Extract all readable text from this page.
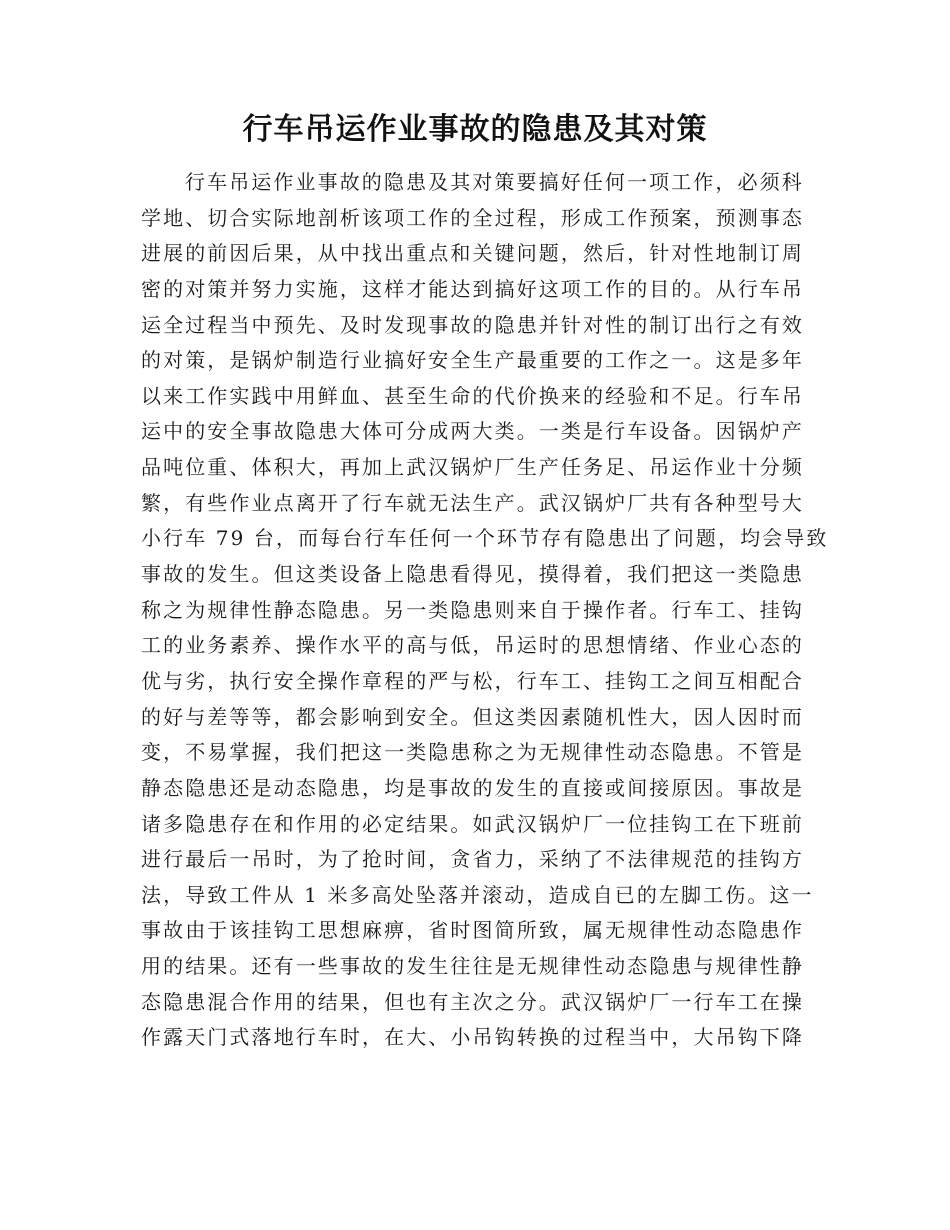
行车吊运作业事故的隐患及其对策
行车吊运作业事故的隐患及其对策要搞好任何一项工作，必须科
学地、切合实际地剖析该项工作的全过程，形成工作预案，预测事态
进展的前因后果，从中找出重点和关键问题，然后，针对性地制订周
密的对策并努力实施，这样才能达到搞好这项工作的目的。从行车吊
运全过程当中预先、及时发现事故的隐患并针对性的制订出行之有效
的对策，是锅炉制造行业搞好安全生产最重要的工作之一。这是多年
以来工作实践中用鲜血、甚至生命的代价换来的经验和不足。行车吊
运中的安全事故隐患大体可分成两大类。一类是行车设备。因锅炉产
品吨位重、体积大，再加上武汉锅炉厂生产任务足、吊运作业十分频
繁，有些作业点离开了行车就无法生产。武汉锅炉厂共有各种型号大
小行车 79 台，而每台行车任何一个环节存有隐患出了问题，均会导致
事故的发生。但这类设备上隐患看得见，摸得着，我们把这一类隐患
称之为规律性静态隐患。另一类隐患则来自于操作者。行车工、挂钩
工的业务素养、操作水平的高与低，吊运时的思想情绪、作业心态的
优与劣，执行安全操作章程的严与松，行车工、挂钩工之间互相配合
的好与差等等，都会影响到安全。但这类因素随机性大，因人因时而
变，不易掌握，我们把这一类隐患称之为无规律性动态隐患。不管是
静态隐患还是动态隐患，均是事故的发生的直接或间接原因。事故是
诸多隐患存在和作用的必定结果。如武汉锅炉厂一位挂钩工在下班前
进行最后一吊时，为了抢时间，贪省力，采纳了不法律规范的挂钩方
法，导致工件从 1 米多高处坠落并滚动，造成自已的左脚工伤。这一
事故由于该挂钩工思想麻痹，省时图简所致，属无规律性动态隐患作
用的结果。还有一些事故的发生往往是无规律性动态隐患与规律性静
态隐患混合作用的结果，但也有主次之分。武汉锅炉厂一行车工在操
作露天门式落地行车时，在大、小吊钩转换的过程当中，大吊钩下降
